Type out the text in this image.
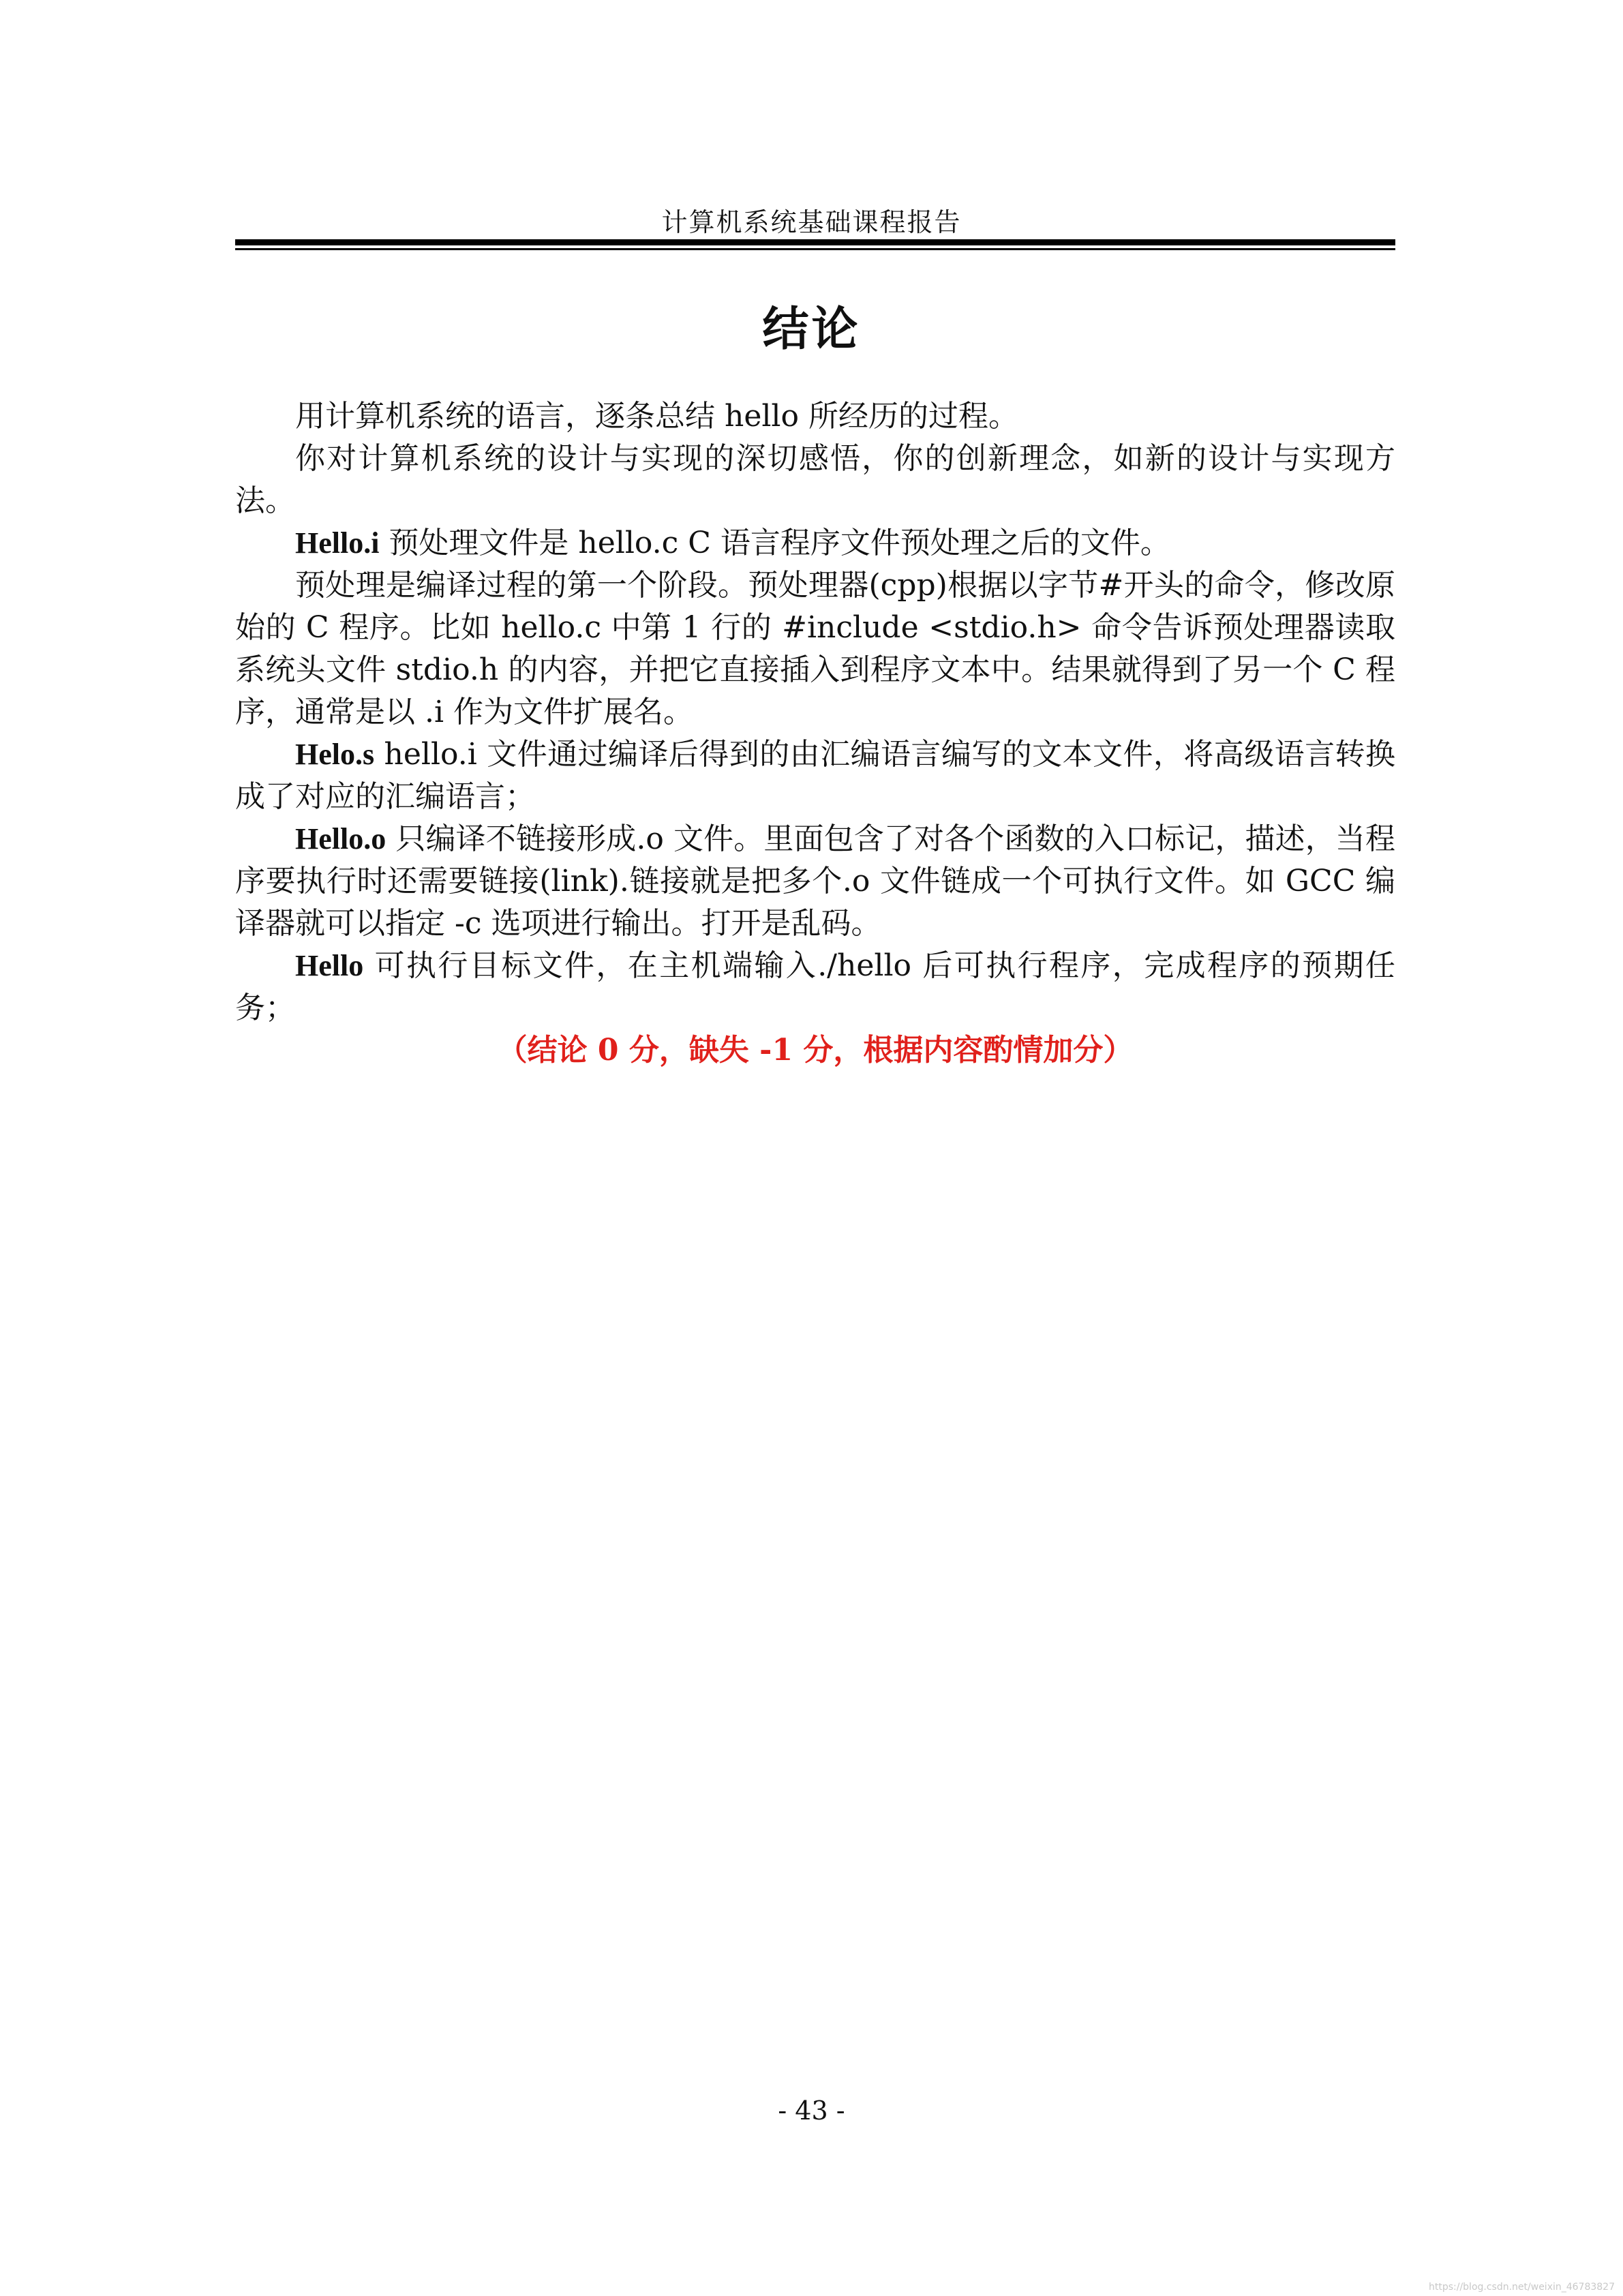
计算机系统基础课程报告
结论

用计算机系统的语言，逐条总结 hello 所经历的过程。

你对计算机系统的设计与实现的深切感悟，你的创新理念，如新的设计与实现方法。

Hello.i 预处理文件是 hello.c C 语言程序文件预处理之后的文件。

预处理是编译过程的第一个阶段。预处理器(cpp)根据以字节#开头的命令，修改原始的 C 程序。比如 hello.c 中第 1 行的 #include <stdio.h> 命令告诉预处理器读取系统头文件 stdio.h 的内容，并把它直接插入到程序文本中。结果就得到了另一个 C 程序，通常是以 .i 作为文件扩展名。

Helo.s hello.i 文件通过编译后得到的由汇编语言编写的文本文件，将高级语言转换成了对应的汇编语言；

Hello.o 只编译不链接形成.o 文件。里面包含了对各个函数的入口标记，描述，当程序要执行时还需要链接(link).链接就是把多个.o 文件链成一个可执行文件。如 GCC 编译器就可以指定 -c 选项进行输出。打开是乱码。

Hello 可执行目标文件，在主机端输入./hello 后可执行程序，完成程序的预期任务；

（结论 0 分，缺失 -1 分，根据内容酌情加分）

- 43 -
https://blog.csdn.net/weixin_46783827
